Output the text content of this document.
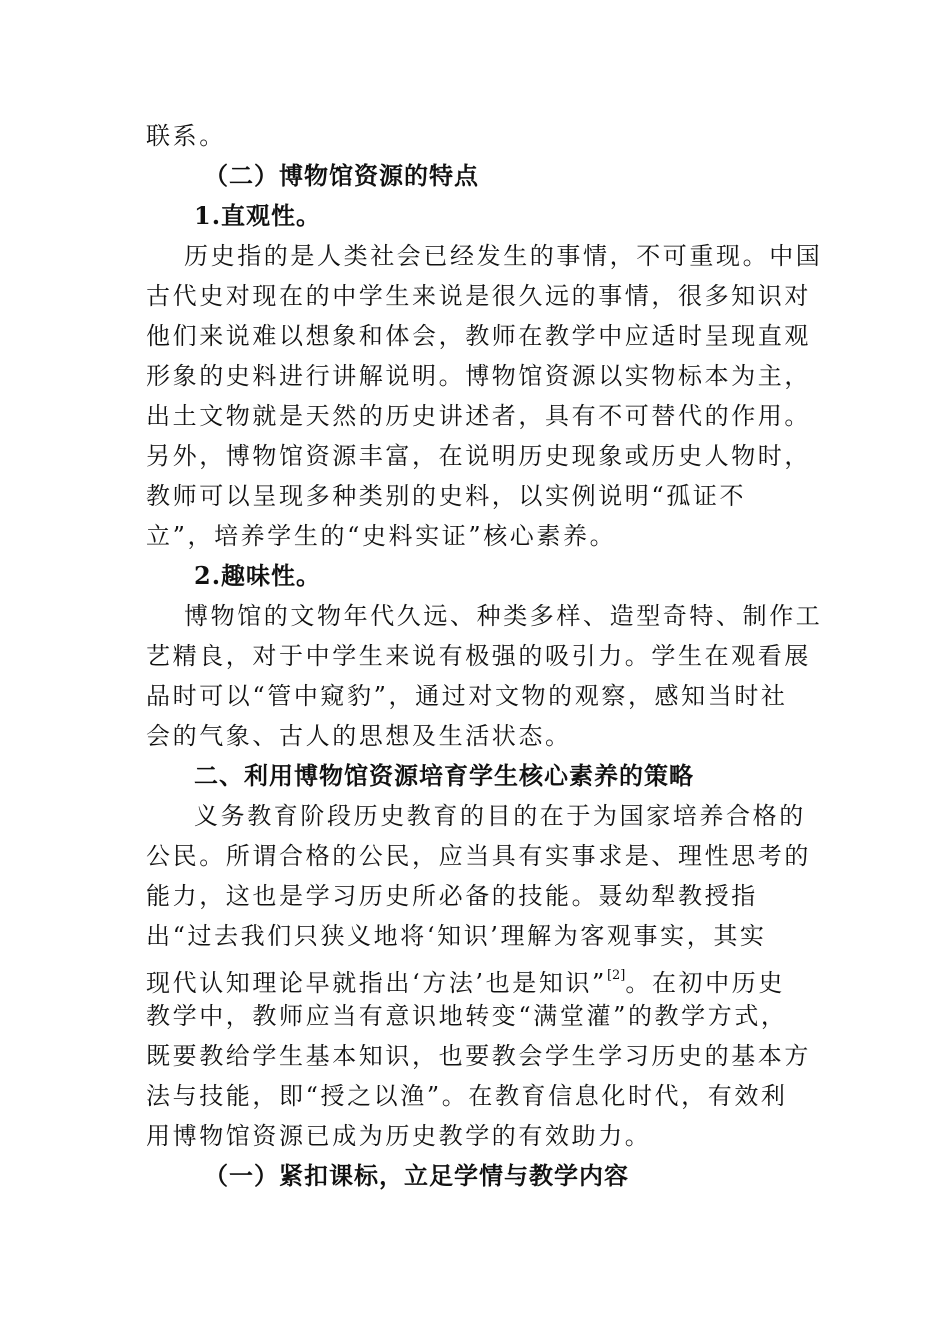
联系。
（二）博物馆资源的特点
1.直观性。
历史指的是人类社会已经发生的事情，不可重现。中国
古代史对现在的中学生来说是很久远的事情，很多知识对
他们来说难以想象和体会，教师在教学中应适时呈现直观
形象的史料进行讲解说明。博物馆资源以实物标本为主，
出土文物就是天然的历史讲述者，具有不可替代的作用。
另外，博物馆资源丰富，在说明历史现象或历史人物时，
教师可以呈现多种类别的史料，以实例说明“孤证不
立”，培养学生的“史料实证”核心素养。
2.趣味性。
博物馆的文物年代久远、种类多样、造型奇特、制作工
艺精良，对于中学生来说有极强的吸引力。学生在观看展
品时可以“管中窥豹”，通过对文物的观察，感知当时社
会的气象、古人的思想及生活状态。
二、利用博物馆资源培育学生核心素养的策略
义务教育阶段历史教育的目的在于为国家培养合格的
公民。所谓合格的公民，应当具有实事求是、理性思考的
能力，这也是学习历史所必备的技能。聂幼犁教授指
出“过去我们只狭义地将‘知识’理解为客观事实，其实
现代认知理论早就指出‘方法’也是知识”[2]。在初中历史
教学中，教师应当有意识地转变“满堂灌”的教学方式，
既要教给学生基本知识，也要教会学生学习历史的基本方
法与技能，即“授之以渔”。在教育信息化时代，有效利
用博物馆资源已成为历史教学的有效助力。
（一）紧扣课标，立足学情与教学内容
